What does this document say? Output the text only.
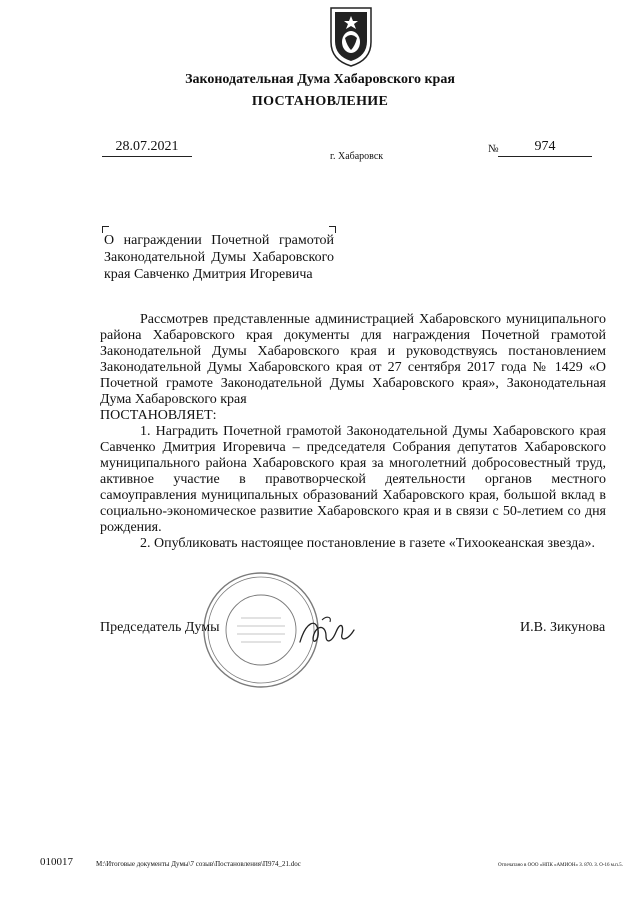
Законодательная Дума Хабаровского края
ПОСТАНОВЛЕНИЕ
28.07.2021
г. Хабаровск
№	974
О награждении Почетной грамотой
Законодательной Думы Хабаровского
края Савченко Дмитрия Игоревича

Рассмотрев представленные администрацией Хабаровского муниципального района Хабаровского края документы для награждения Почетной грамотой Законодательной Думы Хабаровского края и руководствуясь постановлением Законодательной Думы Хабаровского края от 27 сентября 2017 года № 1429 «О Почетной грамоте Законодательной Думы Хабаровского края», Законодательная Дума Хабаровского края

ПОСТАНОВЛЯЕТ:

1. Наградить Почетной грамотой Законодательной Думы Хабаровского края Савченко Дмитрия Игоревича – председателя Собрания депутатов Хабаровского муниципального района Хабаровского края за многолетний добросовестный труд, активное участие в правотворческой деятельности органов местного самоуправления муниципальных образований Хабаровского края, большой вклад в социально-экономическое развитие Хабаровского края и в связи с 50-летием со дня рождения.

2. Опубликовать настоящее постановление в газете «Тихоокеанская звезда».

Председатель Думы	И.В. Зикунова
010017	М:\Итоговые документы Думы\7 созыв\Постановления\П974_21.doc	Отпечатано в ООО «НПК «АМИОН» З. 870. З. О-16 м.п.5.
